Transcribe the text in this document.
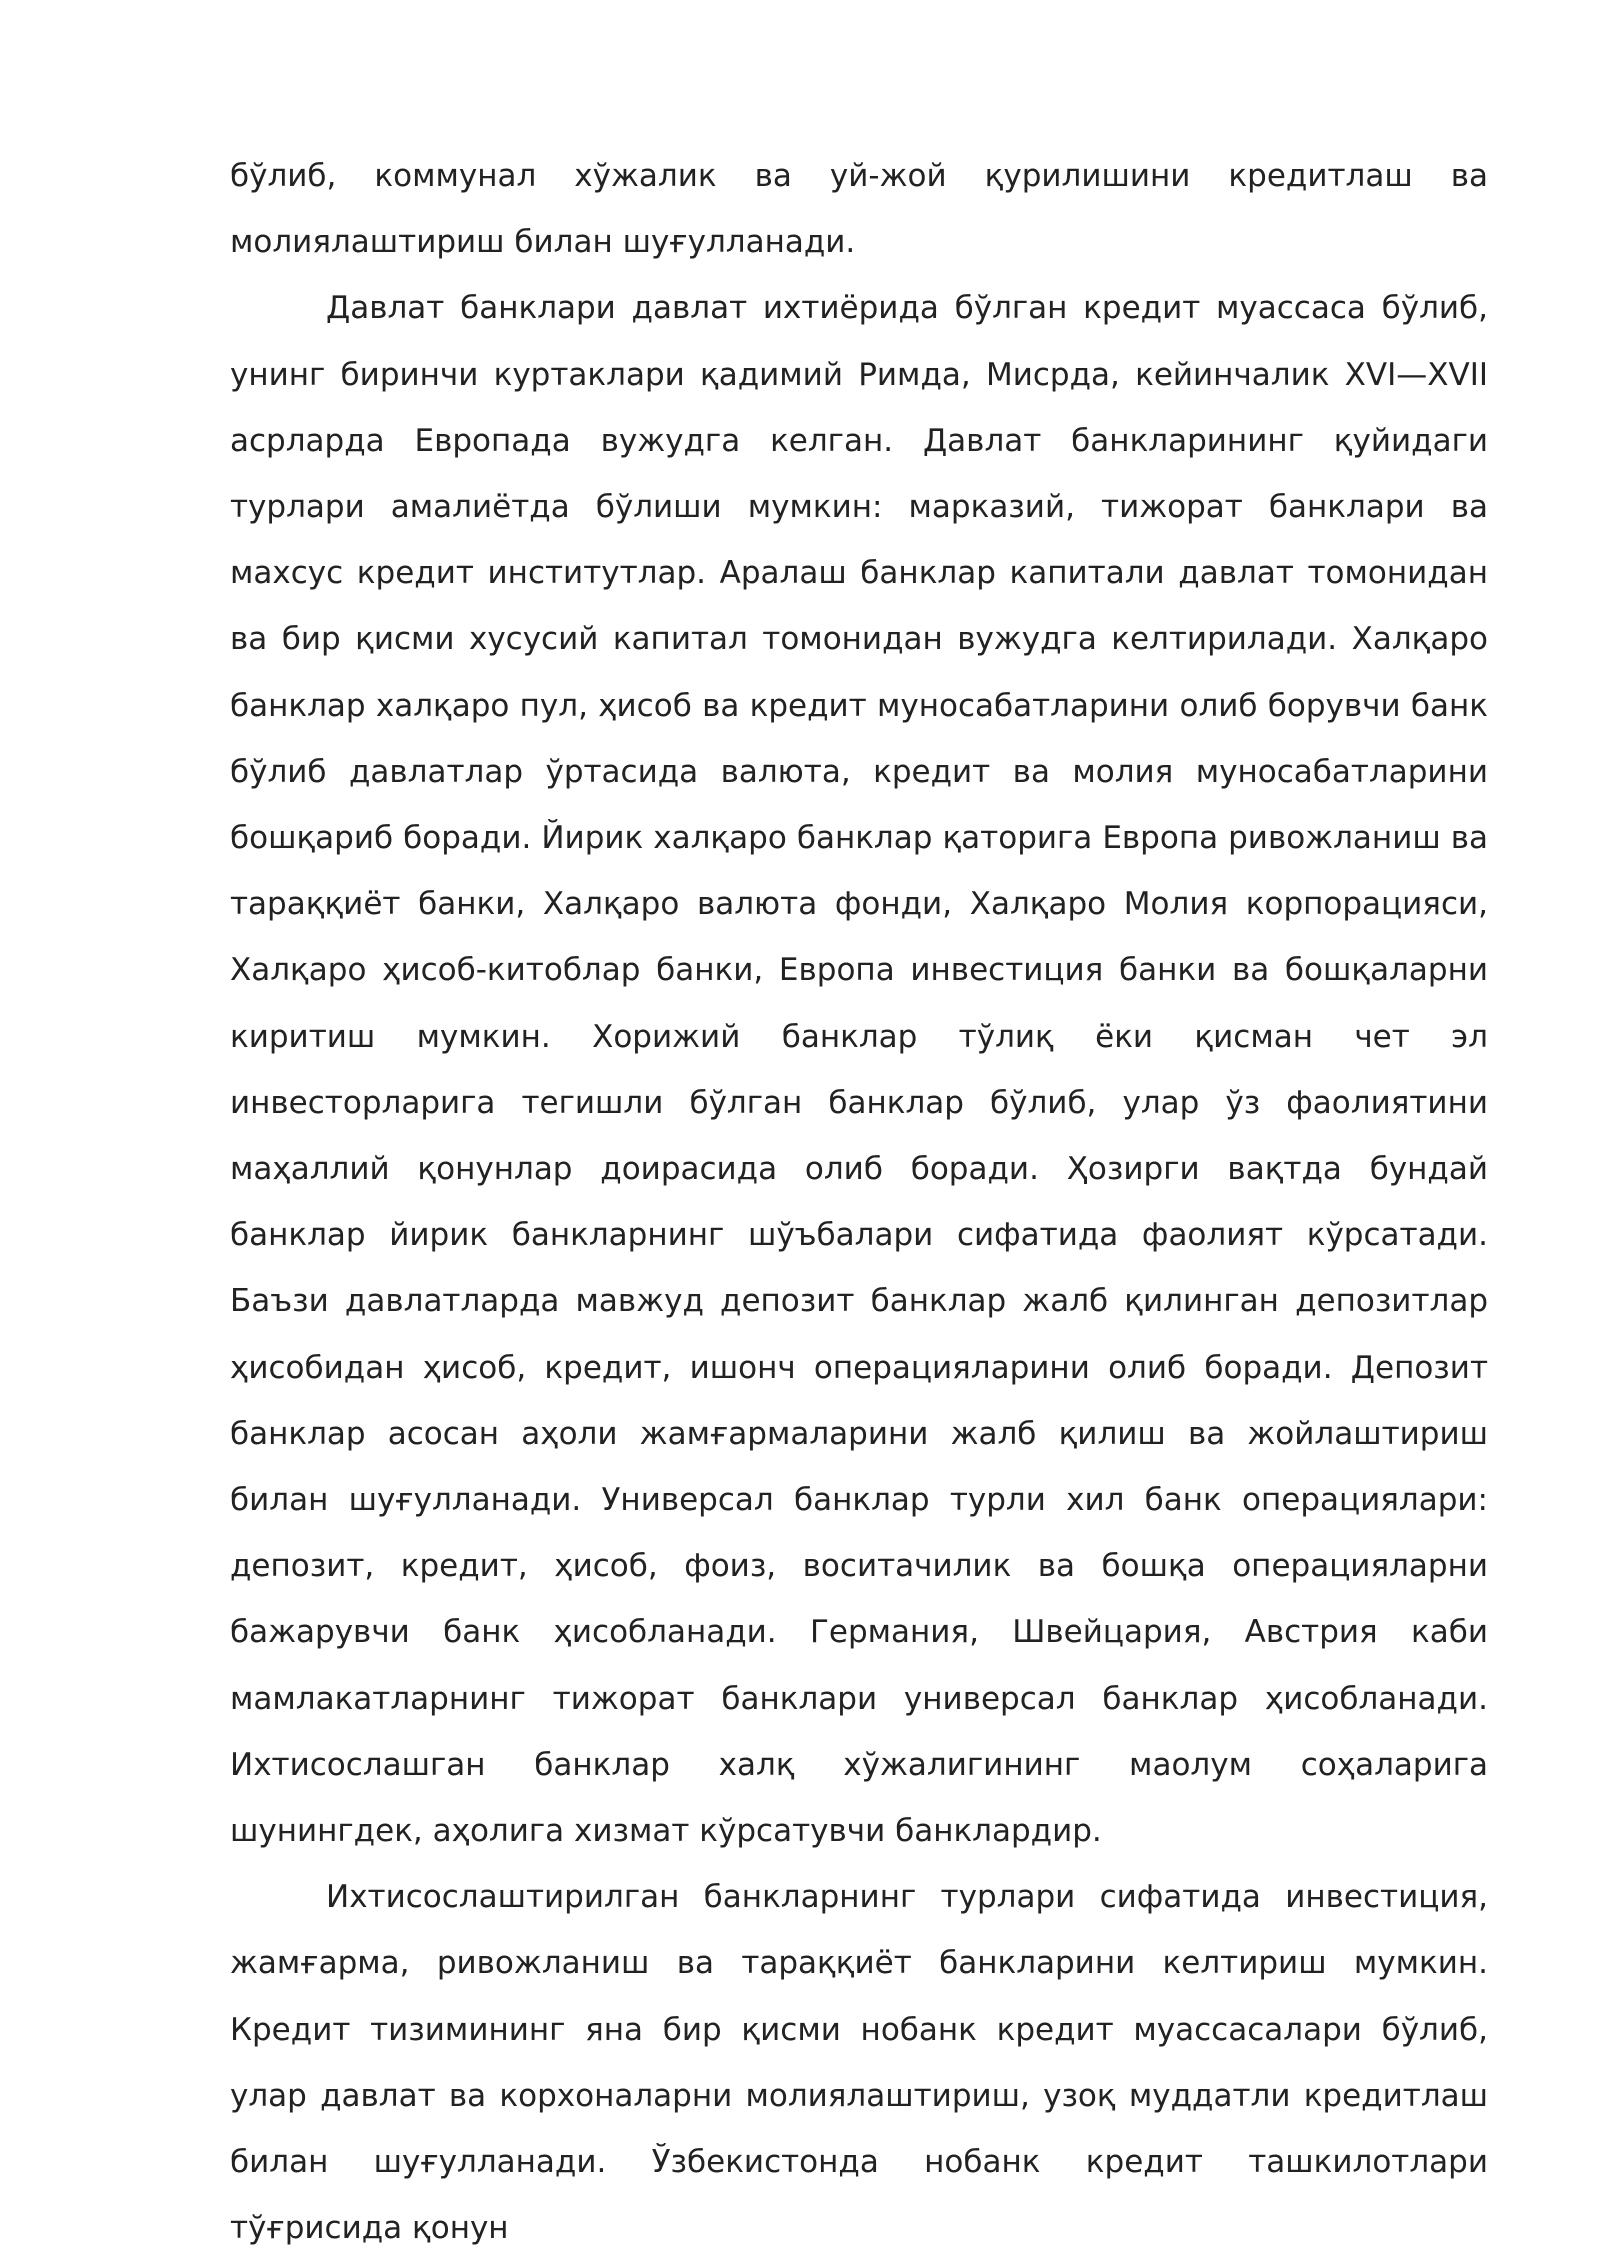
бўлиб, коммунал хўжалик ва уй-жой қурилишини кредитлаш ва молиялаштириш билан шуғулланади.

Давлат банклари давлат ихтиёрида бўлган кредит муассаса бўлиб, унинг биринчи куртаклари қадимий Римда, Мисрда, кейинчалик XVI—XVII асрларда Европада вужудга келган. Давлат банкларининг қуйидаги турлари амалиётда бўлиши мумкин: марказий, тижорат банклари ва махсус кредит институтлар. Аралаш банклар капитали давлат томонидан ва бир қисми хусусий капитал томонидан вужудга келтирилади. Халқаро банклар халқаро пул, ҳисоб ва кредит муносабатларини олиб борувчи банк бўлиб давлатлар ўртасида валюта, кредит ва молия муносабатларини бошқариб боради. Йирик халқаро банклар қаторига Европа ривожланиш ва тараққиёт банки, Халқаро валюта фонди, Халқаро Молия корпорацияси, Халқаро ҳисоб-китоблар банки, Европа инвестиция банки ва бошқаларни киритиш мумкин. Хорижий банклар тўлиқ ёки қисман чет эл инвесторларига тегишли бўлган банклар бўлиб, улар ўз фаолиятини маҳаллий қонунлар доирасида олиб боради. Ҳозирги вақтда бундай банклар йирик банкларнинг шўъбалари сифатида фаолият кўрсатади. Баъзи давлатларда мавжуд депозит банклар жалб қилинган депозитлар ҳисобидан ҳисоб, кредит, ишонч операцияларини олиб боради. Депозит банклар асосан аҳоли жамғармаларини жалб қилиш ва жойлаштириш билан шуғулланади. Универсал банклар турли хил банк операциялари: депозит, кредит, ҳисоб, фоиз, воситачилик ва бошқа операцияларни бажарувчи банк ҳисобланади. Германия, Швейцария, Австрия каби мамлакатларнинг тижорат банклари универсал банклар ҳисобланади. Ихтисослашган банклар халқ хўжалигининг маолум соҳаларига шунингдек, аҳолига хизмат кўрсатувчи банклардир.

Ихтисослаштирилган банкларнинг турлари сифатида инвестиция, жамғарма, ривожланиш ва тараққиёт банкларини келтириш мумкин. Кредит тизимининг яна бир қисми нобанк кредит муассасалари бўлиб, улар давлат ва корхоналарни молиялаштириш, узоқ муддатли кредитлаш билан шуғулланади. Ўзбекистонда нобанк кредит ташкилотлари тўғрисида қонун
